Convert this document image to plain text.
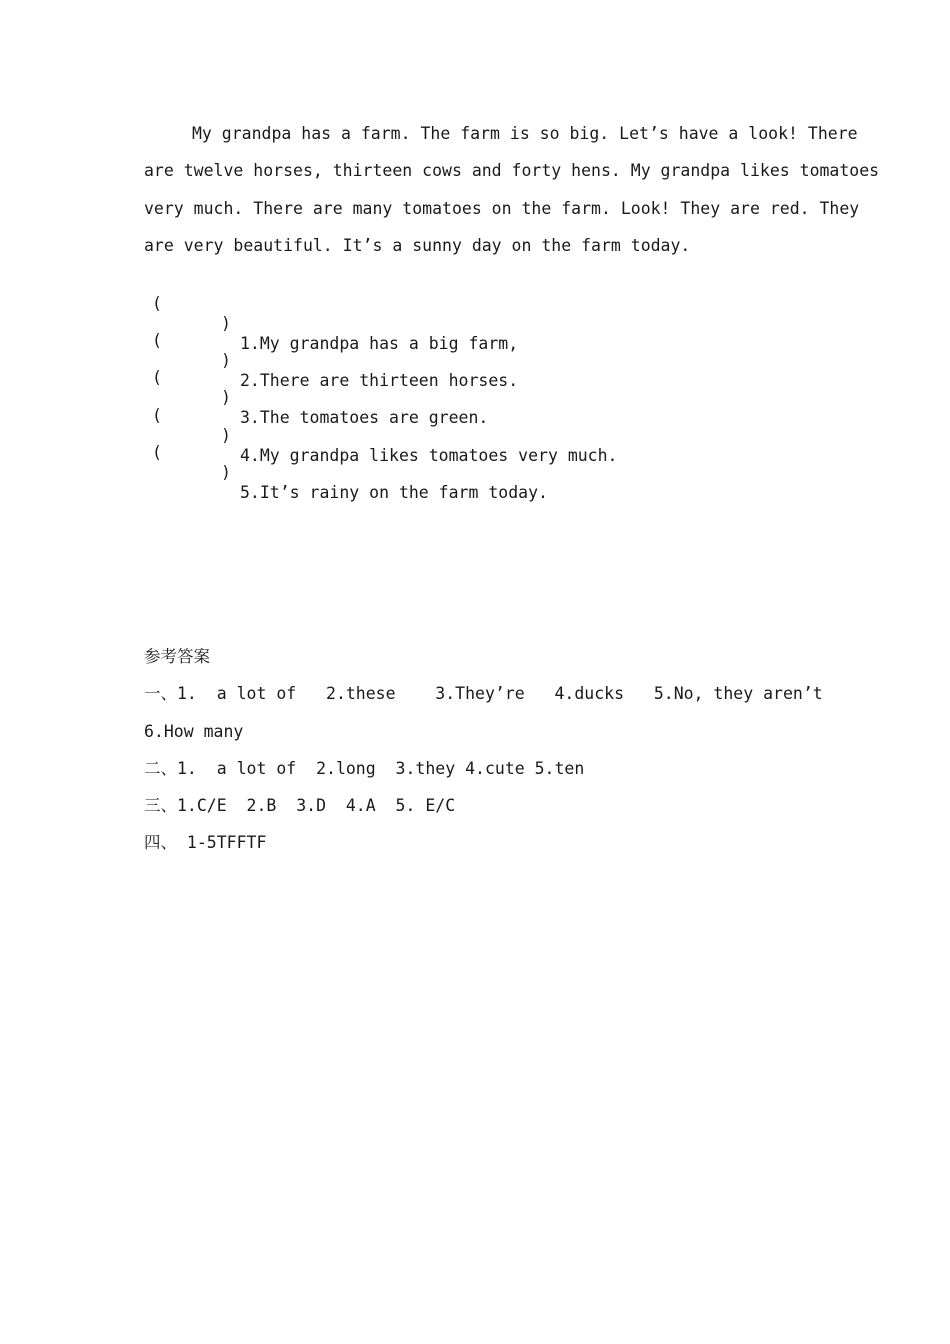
My grandpa has a farm. The farm is so big. Let’s have a look! There
are twelve horses, thirteen cows and forty hens. My grandpa likes tomatoes
very much. There are many tomatoes on the farm. Look! They are red. They
are very beautiful. It’s a sunny day on the farm today.

(

)

1.My grandpa has a big farm,

(

)

2.There are thirteen horses.

(

)

3.The tomatoes are green.

(

)

4.My grandpa likes tomatoes very much.

(

)

5.It’s rainy on the farm today.

参考答案
一、1.  a lot of   2.these    3.They’re   4.ducks   5.No, they aren’t
6.How many
二、1.  a lot of  2.long  3.they 4.cute 5.ten
三、1.C/E  2.B  3.D  4.A  5. E/C
四、 1-5TFFTF
